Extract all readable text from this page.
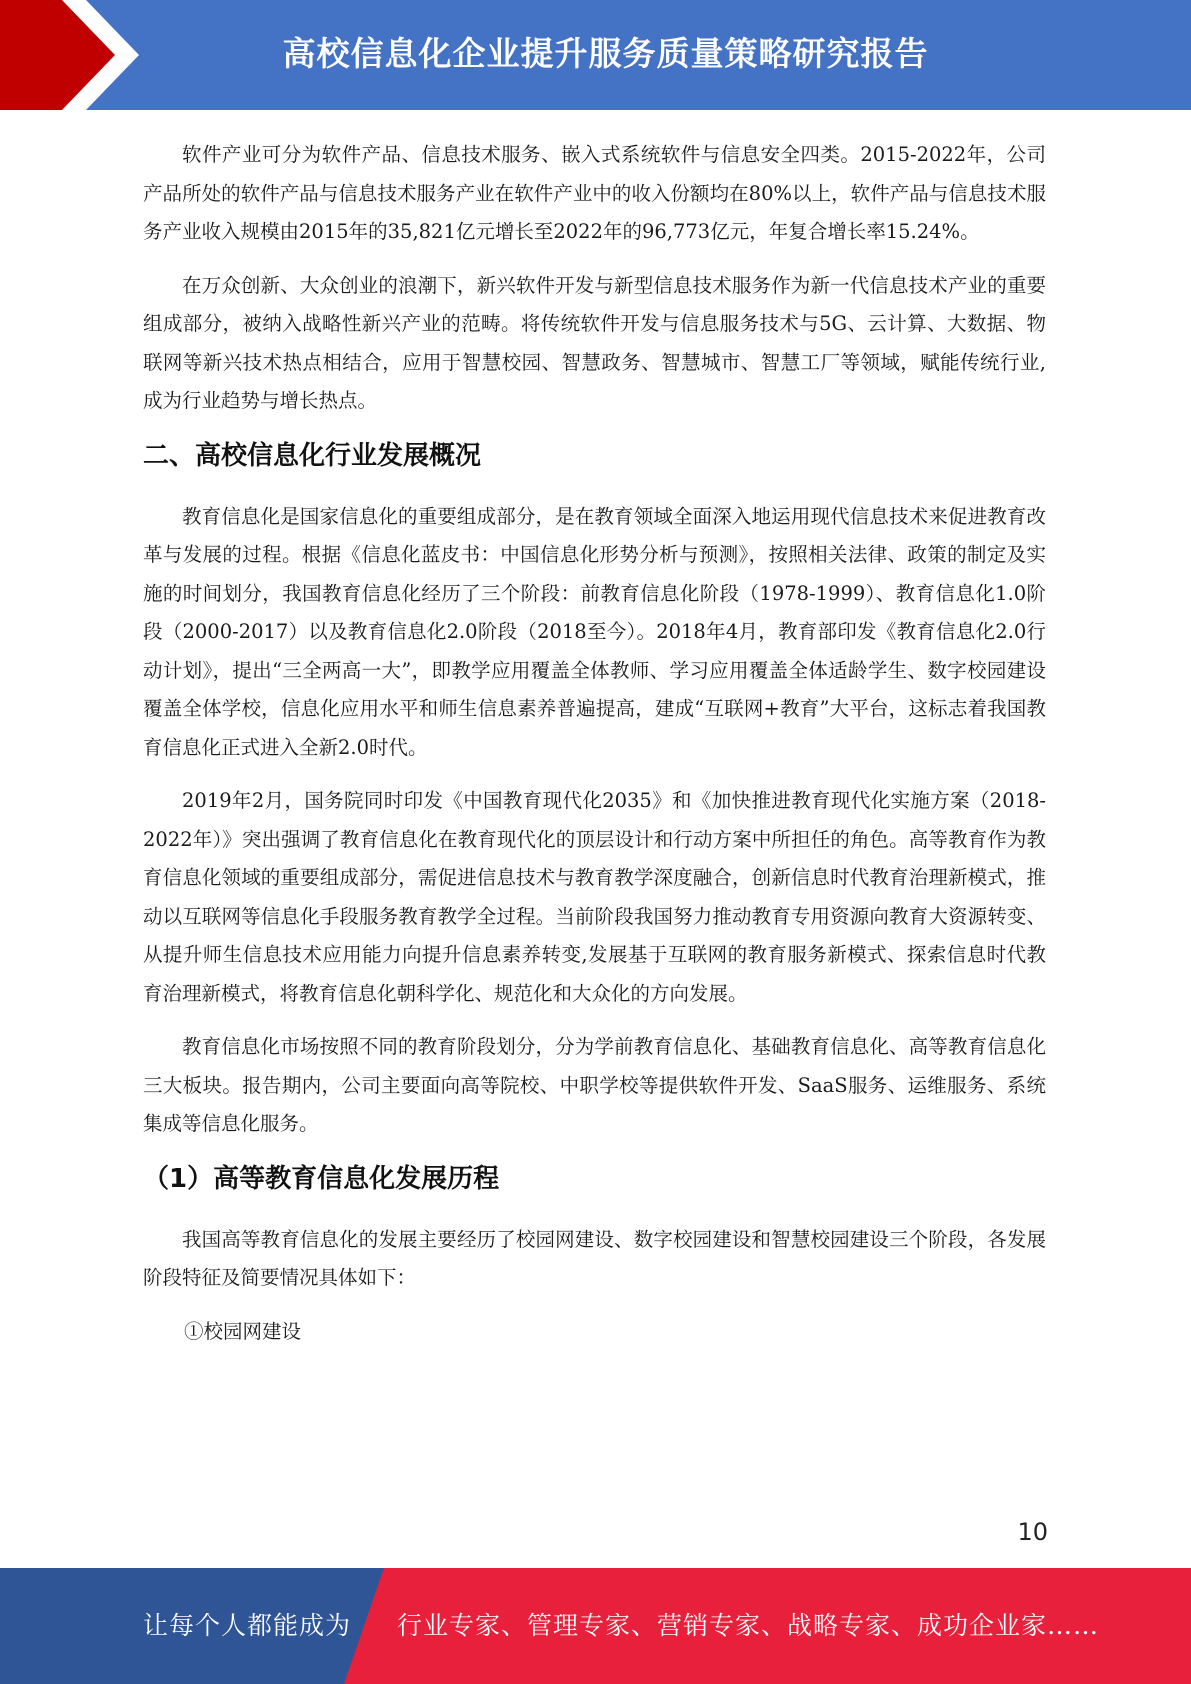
高校信息化企业提升服务质量策略研究报告

软件产业可分为软件产品、信息技术服务、嵌入式系统软件与信息安全四类。2015-2022年，公司产品所处的软件产品与信息技术服务产业在软件产业中的收入份额均在80%以上，软件产品与信息技术服务产业收入规模由2015年的35,821亿元增长至2022年的96,773亿元，年复合增长率15.24%。

在万众创新、大众创业的浪潮下，新兴软件开发与新型信息技术服务作为新一代信息技术产业的重要组成部分，被纳入战略性新兴产业的范畴。将传统软件开发与信息服务技术与5G、云计算、大数据、物联网等新兴技术热点相结合，应用于智慧校园、智慧政务、智慧城市、智慧工厂等领域，赋能传统行业,成为行业趋势与增长热点。

二、高校信息化行业发展概况

教育信息化是国家信息化的重要组成部分，是在教育领域全面深入地运用现代信息技术来促进教育改革与发展的过程。根据《信息化蓝皮书：中国信息化形势分析与预测》，按照相关法律、政策的制定及实施的时间划分，我国教育信息化经历了三个阶段：前教育信息化阶段（1978-1999）、教育信息化1.0阶段（2000-2017）以及教育信息化2.0阶段（2018至今）。2018年4月，教育部印发《教育信息化2.0行动计划》，提出“三全两高一大”，即教学应用覆盖全体教师、学习应用覆盖全体适龄学生、数字校园建设覆盖全体学校，信息化应用水平和师生信息素养普遍提高，建成“互联网+教育”大平台，这标志着我国教育信息化正式进入全新2.0时代。

2019年2月，国务院同时印发《中国教育现代化2035》和《加快推进教育现代化实施方案（2018-2022年）》突出强调了教育信息化在教育现代化的顶层设计和行动方案中所担任的角色。高等教育作为教育信息化领域的重要组成部分，需促进信息技术与教育教学深度融合，创新信息时代教育治理新模式，推动以互联网等信息化手段服务教育教学全过程。当前阶段我国努力推动教育专用资源向教育大资源转变、从提升师生信息技术应用能力向提升信息素养转变,发展基于互联网的教育服务新模式、探索信息时代教育治理新模式，将教育信息化朝科学化、规范化和大众化的方向发展。

教育信息化市场按照不同的教育阶段划分，分为学前教育信息化、基础教育信息化、高等教育信息化三大板块。报告期内，公司主要面向高等院校、中职学校等提供软件开发、SaaS服务、运维服务、系统集成等信息化服务。

（1）高等教育信息化发展历程

我国高等教育信息化的发展主要经历了校园网建设、数字校园建设和智慧校园建设三个阶段，各发展阶段特征及简要情况具体如下：

①校园网建设

10
让每个人都能成为 行业专家、管理专家、营销专家、战略专家、成功企业家……
